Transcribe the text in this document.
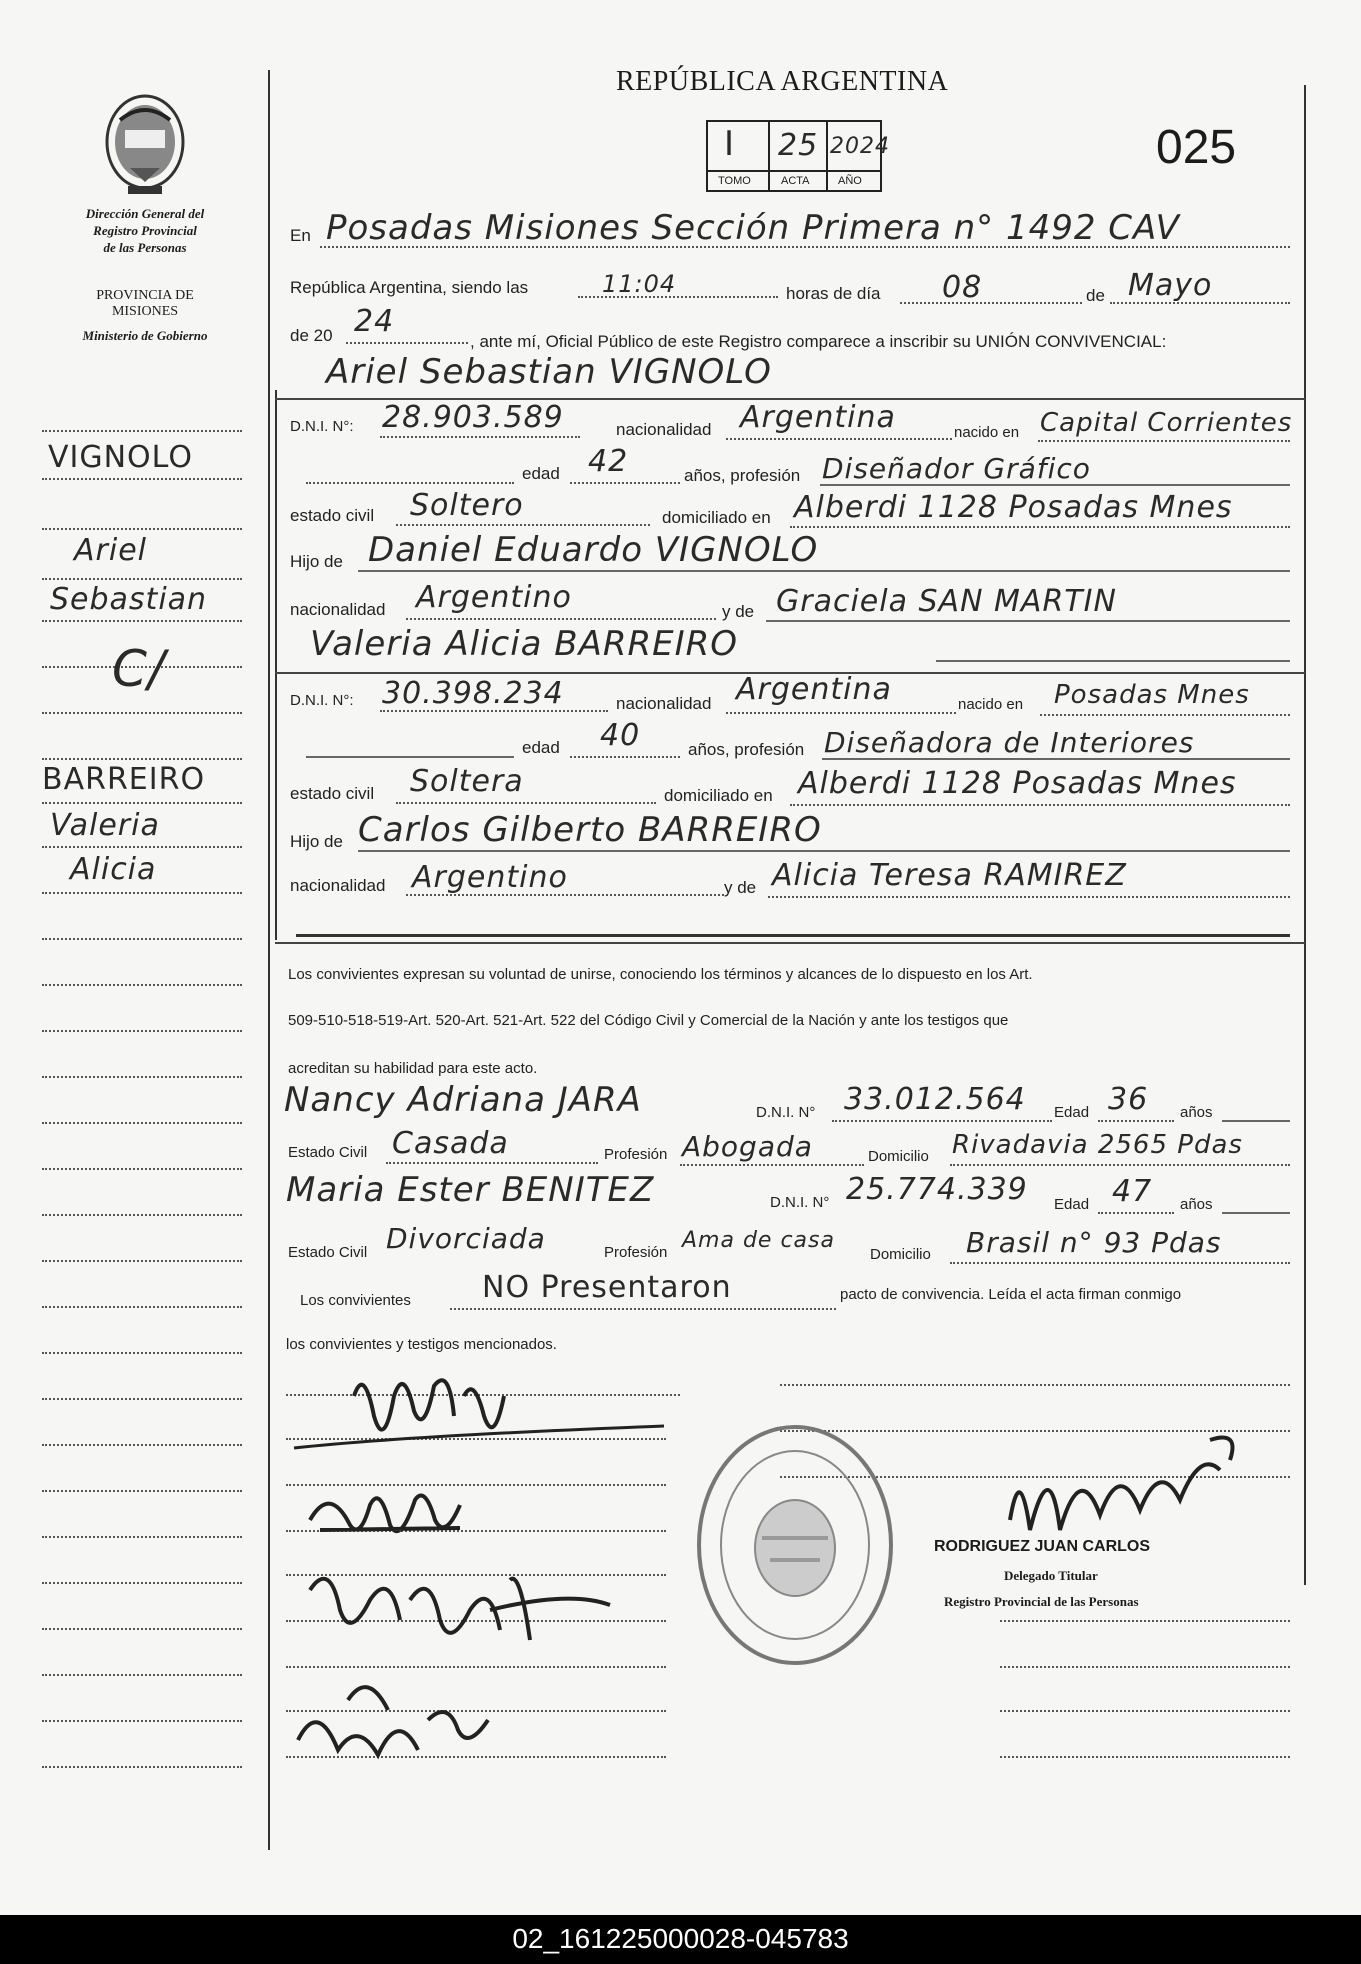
REPÚBLICA ARGENTINA
I 25 2024
TOMO	ACTA	AÑO
025
Dirección General del
Registro Provincial
de las Personas
PROVINCIA DE
MISIONES
Ministerio de Gobierno
VIGNOLO
Ariel
Sebastian
C/
BARREIRO
Valeria
Alicia
En Posadas Misiones Sección Primera n° 1492 CAV
República Argentina, siendo las	11:04	horas de día 08	de Mayo
de 20 24
, ante mí, Oficial Público de este Registro comparece a inscribir su UNIÓN CONVIVENCIAL:
Ariel Sebastian VIGNOLO
D.N.I. N°: 28.903.589	nacionalidad Argentina	nacido en Capital Corrientes
edad 42	años, profesión Diseñador Gráfico
estado civil Soltero	domiciliado en Alberdi 1128 Posadas Mnes
Hijo de Daniel Eduardo VIGNOLO
nacionalidad Argentino	y de Graciela SAN MARTIN
Valeria Alicia BARREIRO
D.N.I. N°: 30.398.234	nacionalidad Argentina	nacido en Posadas Mnes
edad 40	años, profesión Diseñadora de Interiores
estado civil Soltera	domiciliado en Alberdi 1128 Posadas Mnes
Hijo de Carlos Gilberto BARREIRO
nacionalidad Argentino	y de Alicia Teresa RAMIREZ
Los convivientes expresan su voluntad de unirse, conociendo los términos y alcances de lo dispuesto en los Art.
509-510-518-519-Art. 520-Art. 521-Art. 522 del Código Civil y Comercial de la Nación y ante los testigos que
acreditan su habilidad para este acto.
Nancy Adriana JARA	D.N.I. N° 33.012.564 Edad 36 años
Estado Civil Casada	Profesión Abogada	Domicilio Rivadavia 2565 Pdas
Maria Ester BENITEZ	D.N.I. N° 25.774.339 Edad 47 años
Estado Civil Divorciada	Profesión Ama de casa
Domicilio Brasil n° 93 Pdas
Los convivientes NO Presentaron	pacto de convivencia. Leída el acta firman conmigo
los convivientes y testigos mencionados.
RODRIGUEZ JUAN CARLOS
Delegado Titular
Registro Provincial de las Personas
02_161225000028-045783
